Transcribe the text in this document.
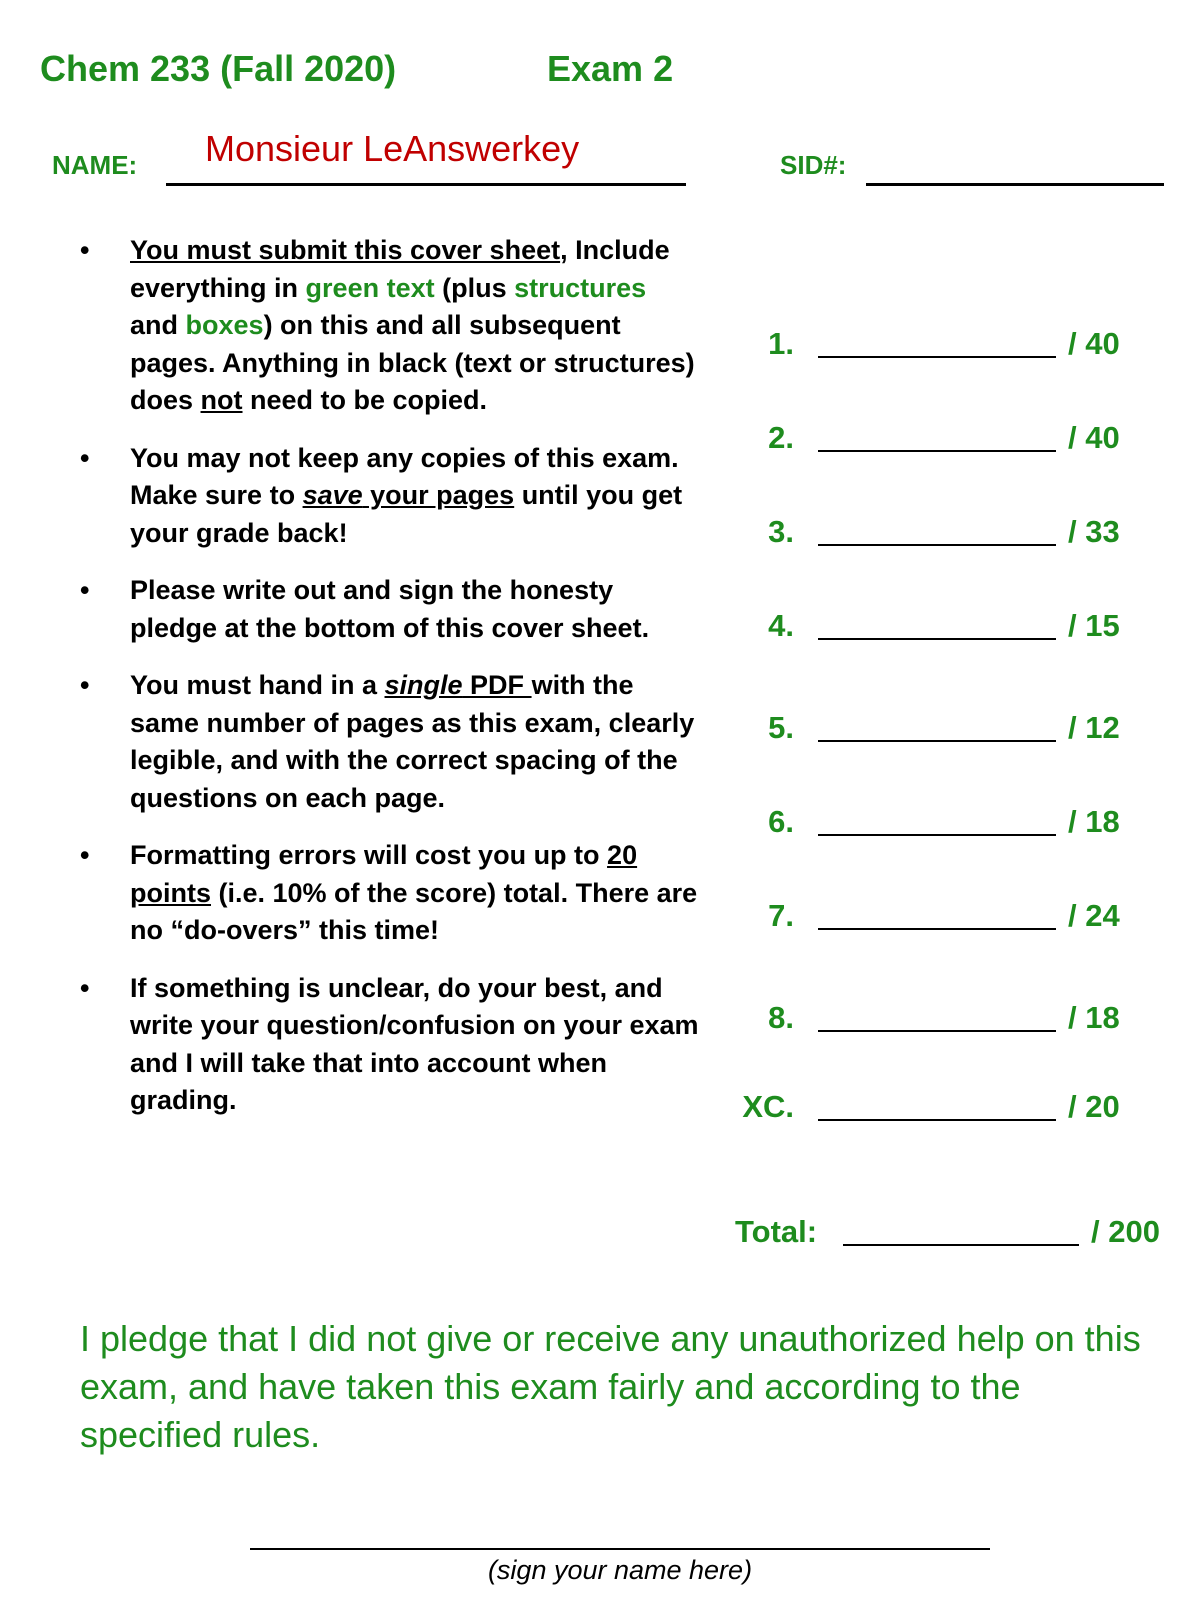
Chem 233 (Fall 2020)	Exam 2
NAME: Monsieur LeAnswerkey	SID#:
• You must submit this cover sheet, Include everything in green text (plus structures and boxes) on this and all subsequent pages. Anything in black (text or structures) does not need to be copied.
• You may not keep any copies of this exam. Make sure to save your pages until you get your grade back!
• Please write out and sign the honesty pledge at the bottom of this cover sheet.
• You must hand in a single PDF with the same number of pages as this exam, clearly legible, and with the correct spacing of the questions on each page.
• Formatting errors will cost you up to 20 points (i.e. 10% of the score) total. There are no “do-overs” this time!
• If something is unclear, do your best, and write your question/confusion on your exam and I will take that into account when grading.
1.	/ 40
2.	/ 40
3.	/ 33
4.	/ 15
5.	/ 12
6.	/ 18
7.	/ 24
8.	/ 18
XC.	/ 20
Total:	/ 200
I pledge that I did not give or receive any unauthorized help on this exam, and have taken this exam fairly and according to the specified rules.
(sign your name here)
